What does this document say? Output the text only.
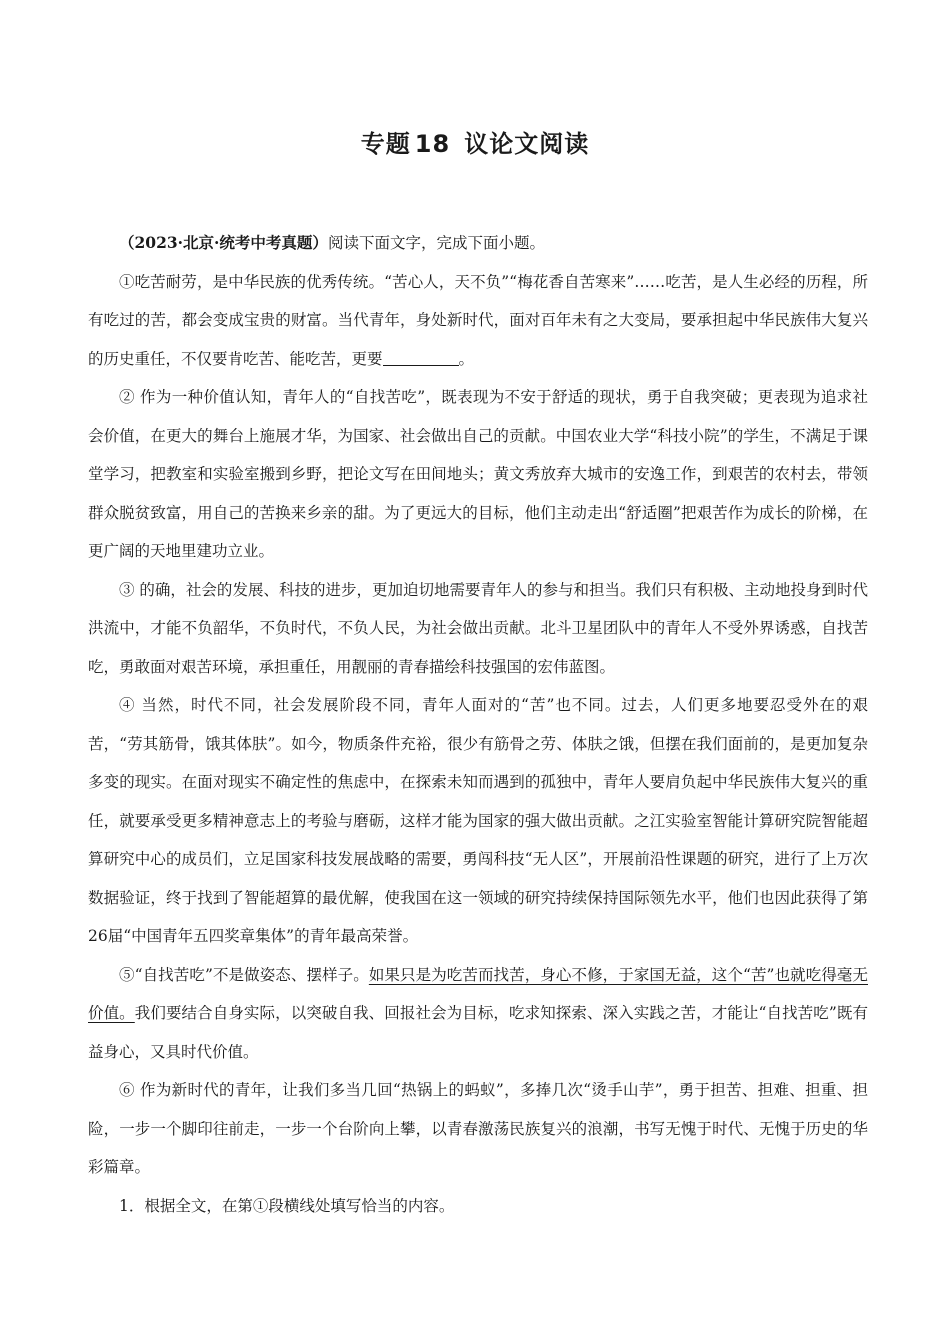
专题 18 议论文阅读

（2023·北京·统考中考真题）阅读下面文字，完成下面小题。

①吃苦耐劳，是中华民族的优秀传统。“苦心人，天不负”“梅花香自苦寒来”……吃苦，是人生必经的历程，所有吃过的苦，都会变成宝贵的财富。当代青年，身处新时代，面对百年未有之大变局，要承担起中华民族伟大复兴的历史重任，不仅要肯吃苦、能吃苦，更要	。

② 作为一种价值认知，青年人的“自找苦吃”，既表现为不安于舒适的现状，勇于自我突破；更表现为追求社会价值，在更大的舞台上施展才华，为国家、社会做出自己的贡献。中国农业大学“科技小院”的学生，不满足于课堂学习，把教室和实验室搬到乡野，把论文写在田间地头；黄文秀放弃大城市的安逸工作，到艰苦的农村去，带领群众脱贫致富，用自己的苦换来乡亲的甜。为了更远大的目标，他们主动走出“舒适圈”把艰苦作为成长的阶梯，在更广阔的天地里建功立业。

③ 的确，社会的发展、科技的进步，更加迫切地需要青年人的参与和担当。我们只有积极、主动地投身到时代洪流中，才能不负韶华，不负时代，不负人民，为社会做出贡献。北斗卫星团队中的青年人不受外界诱惑，自找苦吃，勇敢面对艰苦环境，承担重任，用靓丽的青春描绘科技强国的宏伟蓝图。

④ 当然，时代不同，社会发展阶段不同，青年人面对的“苦”也不同。过去，人们更多地要忍受外在的艰苦，“劳其筋骨，饿其体肤”。如今，物质条件充裕，很少有筋骨之劳、体肤之饿，但摆在我们面前的，是更加复杂多变的现实。在面对现实不确定性的焦虑中，在探索未知而遇到的孤独中，青年人要肩负起中华民族伟大复兴的重任，就要承受更多精神意志上的考验与磨砺，这样才能为国家的强大做出贡献。之江实验室智能计算研究院智能超算研究中心的成员们，立足国家科技发展战略的需要，勇闯科技“无人区”，开展前沿性课题的研究，进行了上万次数据验证，终于找到了智能超算的最优解，使我国在这一领域的研究持续保持国际领先水平，他们也因此获得了第26届“中国青年五四奖章集体”的青年最高荣誉。

⑤“自找苦吃”不是做姿态、摆样子。如果只是为吃苦而找苦，身心不修，于家国无益，这个“苦”也就吃得毫无价值。我们要结合自身实际，以突破自我、回报社会为目标，吃求知探索、深入实践之苦，才能让“自找苦吃”既有益身心，又具时代价值。

⑥ 作为新时代的青年，让我们多当几回“热锅上的蚂蚁”，多捧几次“烫手山芋”，勇于担苦、担难、担重、担险，一步一个脚印往前走，一步一个台阶向上攀，以青春激荡民族复兴的浪潮，书写无愧于时代、无愧于历史的华彩篇章。

1．根据全文，在第①段横线处填写恰当的内容。
